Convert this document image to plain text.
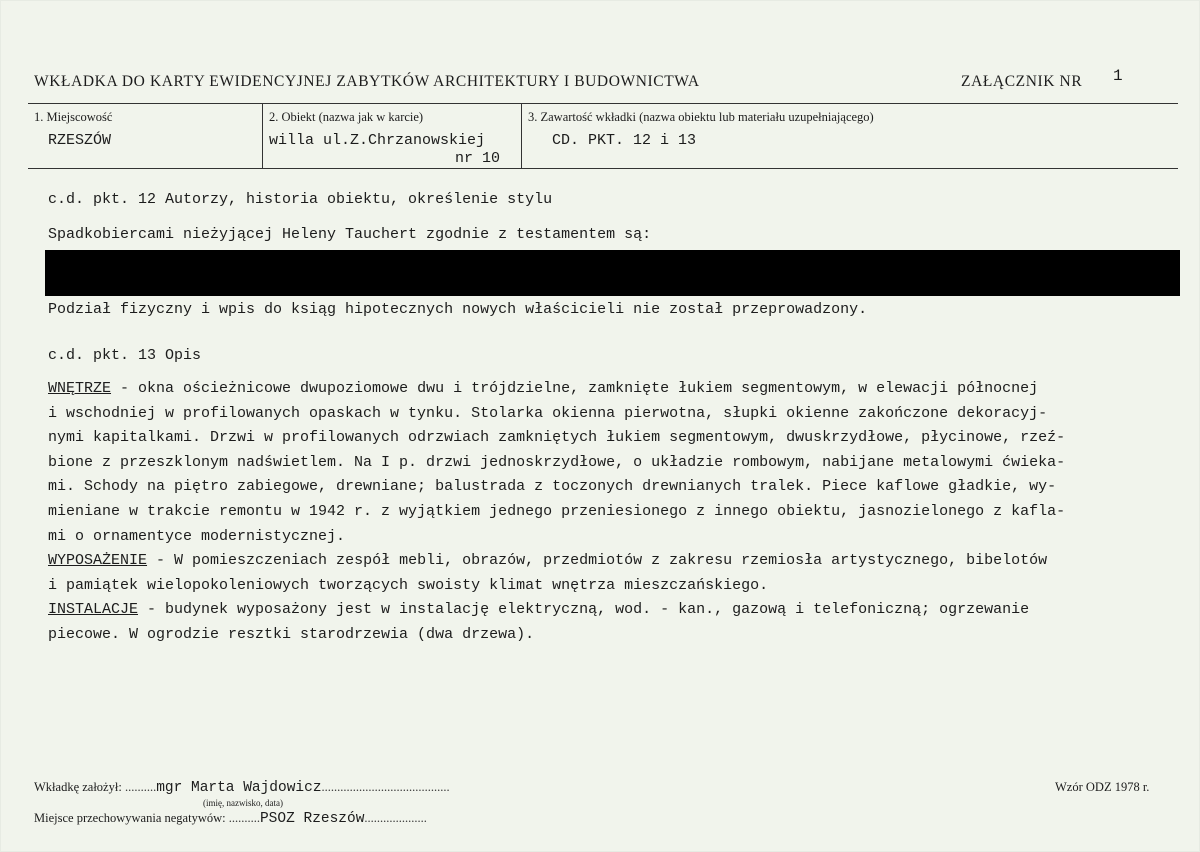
WKŁADKA DO KARTY EWIDENCYJNEJ ZABYTKÓW ARCHITEKTURY I BUDOWNICTWA	ZAŁĄCZNIK NR 1
1. Miejscowość
RZESZÓW
2. Obiekt (nazwa jak w karcie)
willa ul.Z.Chrzanowskiej
nr 10
3. Zawartość wkładki (nazwa obiektu lub materiału uzupełniającego)
CD. PKT. 12 i 13
c.d. pkt. 12 Autorzy, historia obiektu, określenie stylu
Spadkobiercami nieżyjącej Heleny Tauchert zgodnie z testamentem są:
Podział fizyczny i wpis do ksiąg hipotecznych nowych właścicieli nie został przeprowadzony.
c.d. pkt. 13 Opis
WNĘTRZE - okna ościeżnicowe dwupoziomowe dwu i trójdzielne, zamknięte łukiem segmentowym, w elewacji północnej
i wschodniej w profilowanych opaskach w tynku. Stolarka okienna pierwotna, słupki okienne zakończone dekoracyj-
nymi kapitalkami. Drzwi w profilowanych odrzwiach zamkniętych łukiem segmentowym, dwuskrzydłowe, płycinowe, rzeź-
bione z przeszklonym nadświetlem. Na I p. drzwi jednoskrzydłowe, o układzie rombowym, nabijane metalowymi ćwieka-
mi. Schody na piętro zabiegowe, drewniane; balustrada z toczonych drewnianych tralek. Piece kaflowe gładkie, wy-
mieniane w trakcie remontu w 1942 r. z wyjątkiem jednego przeniesionego z innego obiektu, jasnozielonego z kafla-
mi o ornamentyce modernistycznej.
WYPOSAŻENIE - W pomieszczeniach zespół mebli, obrazów, przedmiotów z zakresu rzemiosła artystycznego, bibelotów
i pamiątek wielopokoleniowych tworzących swoisty klimat wnętrza mieszczańskiego.
INSTALACJE - budynek wyposażony jest w instalację elektryczną, wod. - kan., gazową i telefoniczną; ogrzewanie
piecowe. W ogrodzie resztki starodrzewia (dwa drzewa).
Wkładkę założył: ..........mgr Marta Wajdowicz.........................................
(imię, nazwisko, data)
Miejsce przechowywania negatywów: ..........PSOZ Rzeszów....................
Wzór ODZ 1978 r.
